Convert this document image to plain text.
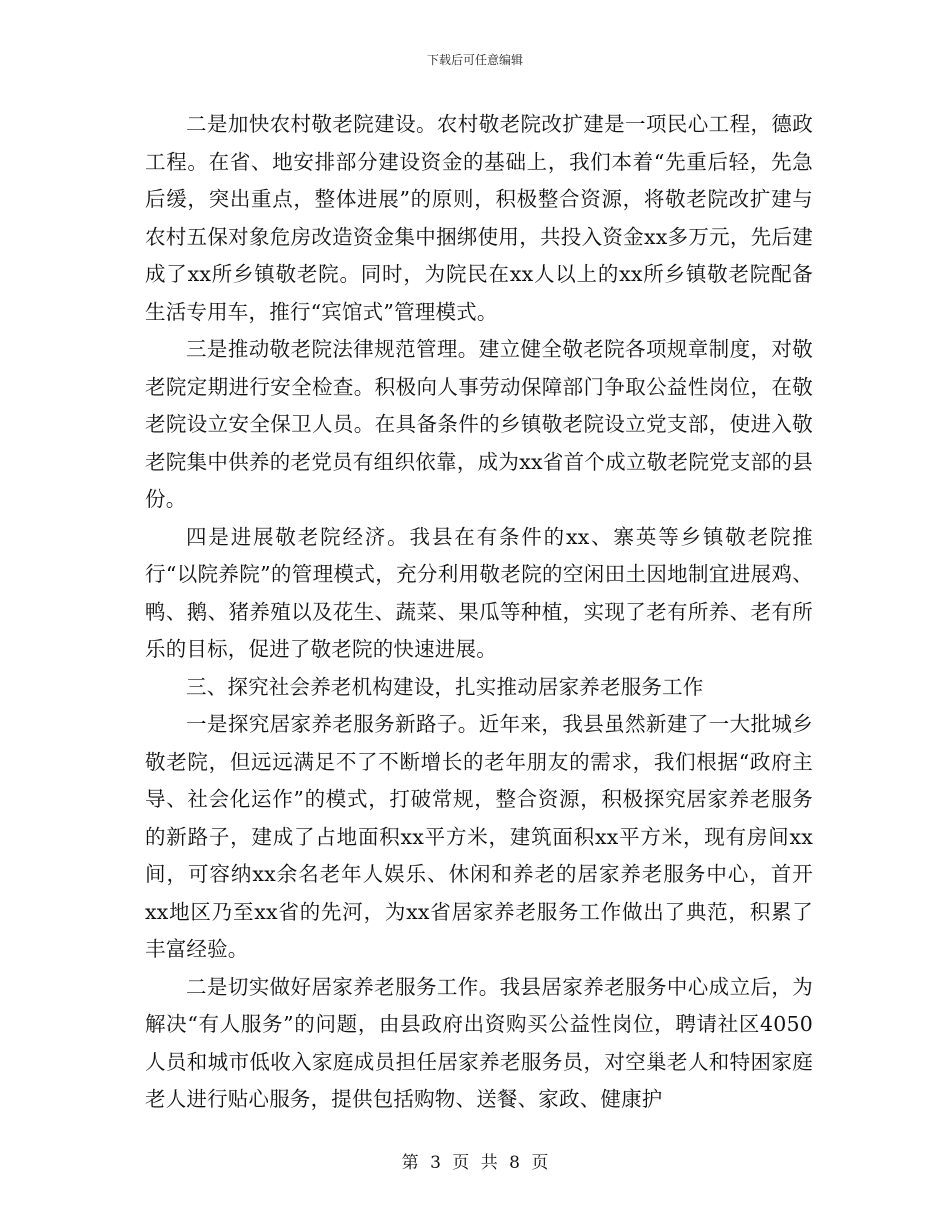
下载后可任意编辑

二是加快农村敬老院建设。农村敬老院改扩建是一项民心工程，德政工程。在省、地安排部分建设资金的基础上，我们本着“先重后轻，先急后缓，突出重点，整体进展”的原则，积极整合资源，将敬老院改扩建与农村五保对象危房改造资金集中捆绑使用，共投入资金xx多万元，先后建成了xx所乡镇敬老院。同时，为院民在xx人以上的xx所乡镇敬老院配备生活专用车，推行“宾馆式”管理模式。

三是推动敬老院法律规范管理。建立健全敬老院各项规章制度，对敬老院定期进行安全检查。积极向人事劳动保障部门争取公益性岗位，在敬老院设立安全保卫人员。在具备条件的乡镇敬老院设立党支部，使进入敬老院集中供养的老党员有组织依靠，成为xx省首个成立敬老院党支部的县份。

四是进展敬老院经济。我县在有条件的xx、寨英等乡镇敬老院推行“以院养院”的管理模式，充分利用敬老院的空闲田土因地制宜进展鸡、鸭、鹅、猪养殖以及花生、蔬菜、果瓜等种植，实现了老有所养、老有所乐的目标，促进了敬老院的快速进展。

三、探究社会养老机构建设，扎实推动居家养老服务工作

一是探究居家养老服务新路子。近年来，我县虽然新建了一大批城乡敬老院，但远远满足不了不断增长的老年朋友的需求，我们根据“政府主导、社会化运作”的模式，打破常规，整合资源，积极探究居家养老服务的新路子，建成了占地面积xx平方米，建筑面积xx平方米，现有房间xx间，可容纳xx余名老年人娱乐、休闲和养老的居家养老服务中心，首开xx地区乃至xx省的先河，为xx省居家养老服务工作做出了典范，积累了丰富经验。

二是切实做好居家养老服务工作。我县居家养老服务中心成立后，为解决“有人服务”的问题，由县政府出资购买公益性岗位，聘请社区4050人员和城市低收入家庭成员担任居家养老服务员，对空巢老人和特困家庭老人进行贴心服务，提供包括购物、送餐、家政、健康护

第 3 页 共 8 页
